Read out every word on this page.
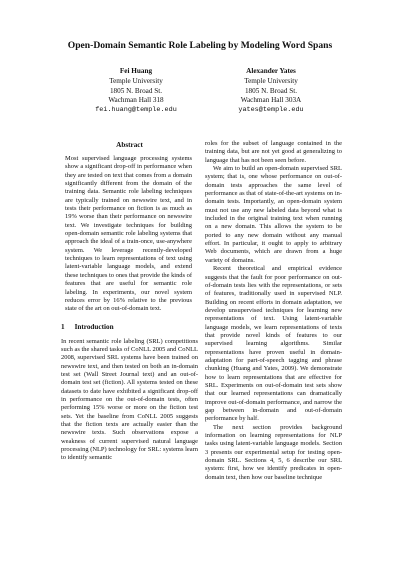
Open-Domain Semantic Role Labeling by Modeling Word Spans
Fei Huang
Temple University
1805 N. Broad St.
Wachman Hall 318
fei.huang@temple.edu
Alexander Yates
Temple University
1805 N. Broad St.
Wachman Hall 303A
yates@temple.edu
Abstract

Most supervised language processing systems show a significant drop-off in performance when they are tested on text that comes from a domain significantly different from the domain of the training data. Semantic role labeling techniques are typically trained on newswire text, and in tests their performance on fiction is as much as 19% worse than their performance on newswire text. We investigate techniques for building open-domain semantic role labeling systems that approach the ideal of a train-once, use-anywhere system. We leverage recently-developed techniques to learn representations of text using latent-variable language models, and extend these techniques to ones that provide the kinds of features that are useful for semantic role labeling. In experiments, our novel system reduces error by 16% relative to the previous state of the art on out-of-domain text.

1 Introduction

In recent semantic role labeling (SRL) competitions such as the shared tasks of CoNLL 2005 and CoNLL 2008, supervised SRL systems have been trained on newswire text, and then tested on both an in-domain test set (Wall Street Journal text) and an out-of-domain test set (fiction). All systems tested on these datasets to date have exhibited a significant drop-off in performance on the out-of-domain tests, often performing 15% worse or more on the fiction test sets. Yet the baseline from CoNLL 2005 suggests that the fiction texts are actually easier than the newswire texts. Such observations expose a weakness of current supervised natural language processing (NLP) technology for SRL: systems learn to identify semantic

roles for the subset of language contained in the training data, but are not yet good at generalizing to language that has not been seen before.

We aim to build an open-domain supervised SRL system; that is, one whose performance on out-of-domain tests approaches the same level of performance as that of state-of-the-art systems on in-domain tests. Importantly, an open-domain system must not use any new labeled data beyond what is included in the original training text when running on a new domain. This allows the system to be ported to any new domain without any manual effort. In particular, it ought to apply to arbitrary Web documents, which are drawn from a huge variety of domains.

Recent theoretical and empirical evidence suggests that the fault for poor performance on out-of-domain tests lies with the representations, or sets of features, traditionally used in supervised NLP. Building on recent efforts in domain adaptation, we develop unsupervised techniques for learning new representations of text. Using latent-variable language models, we learn representations of texts that provide novel kinds of features to our supervised learning algorithms. Similar representations have proven useful in domain-adaptation for part-of-speech tagging and phrase chunking (Huang and Yates, 2009). We demonstrate how to learn representations that are effective for SRL. Experiments on out-of-domain test sets show that our learned representations can dramatically improve out-of-domain performance, and narrow the gap between in-domain and out-of-domain performance by half.

The next section provides background information on learning representations for NLP tasks using latent-variable language models. Section 3 presents our experimental setup for testing open-domain SRL. Sections 4, 5, 6 describe our SRL system: first, how we identify predicates in open-domain text, then how our baseline technique
